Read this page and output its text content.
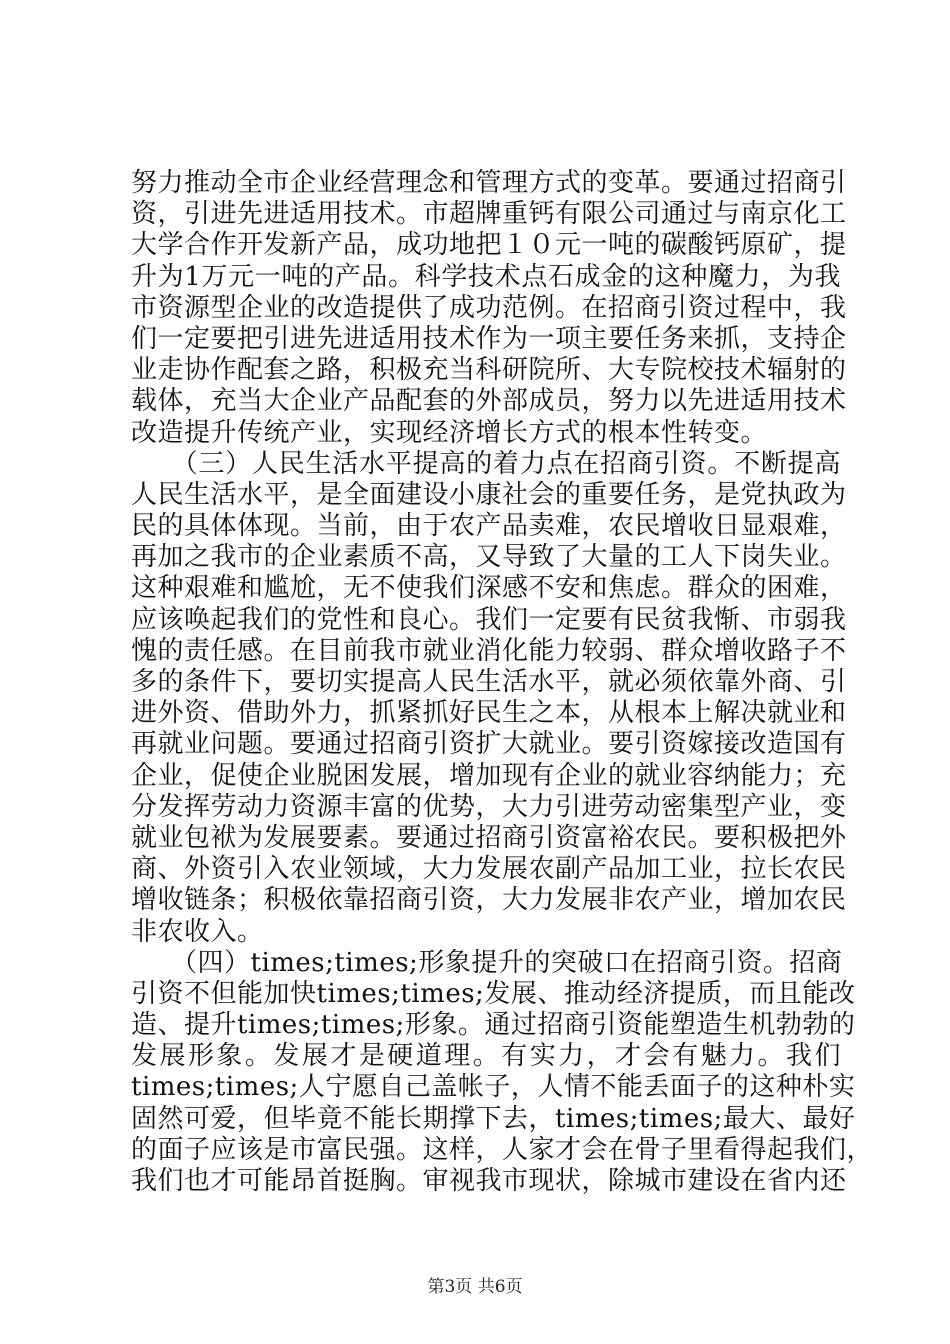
努力推动全市企业经营理念和管理方式的变革。要通过招商引
资，引进先进适用技术。市超牌重钙有限公司通过与南京化工
大学合作开发新产品，成功地把１０元一吨的碳酸钙原矿，提
升为1万元一吨的产品。科学技术点石成金的这种魔力，为我
市资源型企业的改造提供了成功范例。在招商引资过程中，我
们一定要把引进先进适用技术作为一项主要任务来抓，支持企
业走协作配套之路，积极充当科研院所、大专院校技术辐射的
载体，充当大企业产品配套的外部成员，努力以先进适用技术
改造提升传统产业，实现经济增长方式的根本性转变。
　　（三）人民生活水平提高的着力点在招商引资。不断提高
人民生活水平，是全面建设小康社会的重要任务，是党执政为
民的具体体现。当前，由于农产品卖难，农民增收日显艰难，
再加之我市的企业素质不高，又导致了大量的工人下岗失业。
这种艰难和尴尬，无不使我们深感不安和焦虑。群众的困难，
应该唤起我们的党性和良心。我们一定要有民贫我惭、市弱我
愧的责任感。在目前我市就业消化能力较弱、群众增收路子不
多的条件下，要切实提高人民生活水平，就必须依靠外商、引
进外资、借助外力，抓紧抓好民生之本，从根本上解决就业和
再就业问题。要通过招商引资扩大就业。要引资嫁接改造国有
企业，促使企业脱困发展，增加现有企业的就业容纳能力；充
分发挥劳动力资源丰富的优势，大力引进劳动密集型产业，变
就业包袱为发展要素。要通过招商引资富裕农民。要积极把外
商、外资引入农业领域，大力发展农副产品加工业，拉长农民
增收链条；积极依靠招商引资，大力发展非农产业，增加农民
非农收入。
　　（四）times;times;形象提升的突破口在招商引资。招商
引资不但能加快times;times;发展、推动经济提质，而且能改
造、提升times;times;形象。通过招商引资能塑造生机勃勃的
发展形象。发展才是硬道理。有实力，才会有魅力。我们
times;times;人宁愿自己盖帐子，人情不能丢面子的这种朴实
固然可爱，但毕竟不能长期撑下去，times;times;最大、最好
的面子应该是市富民强。这样，人家才会在骨子里看得起我们，
我们也才可能昂首挺胸。审视我市现状，除城市建设在省内还
第3页 共6页
